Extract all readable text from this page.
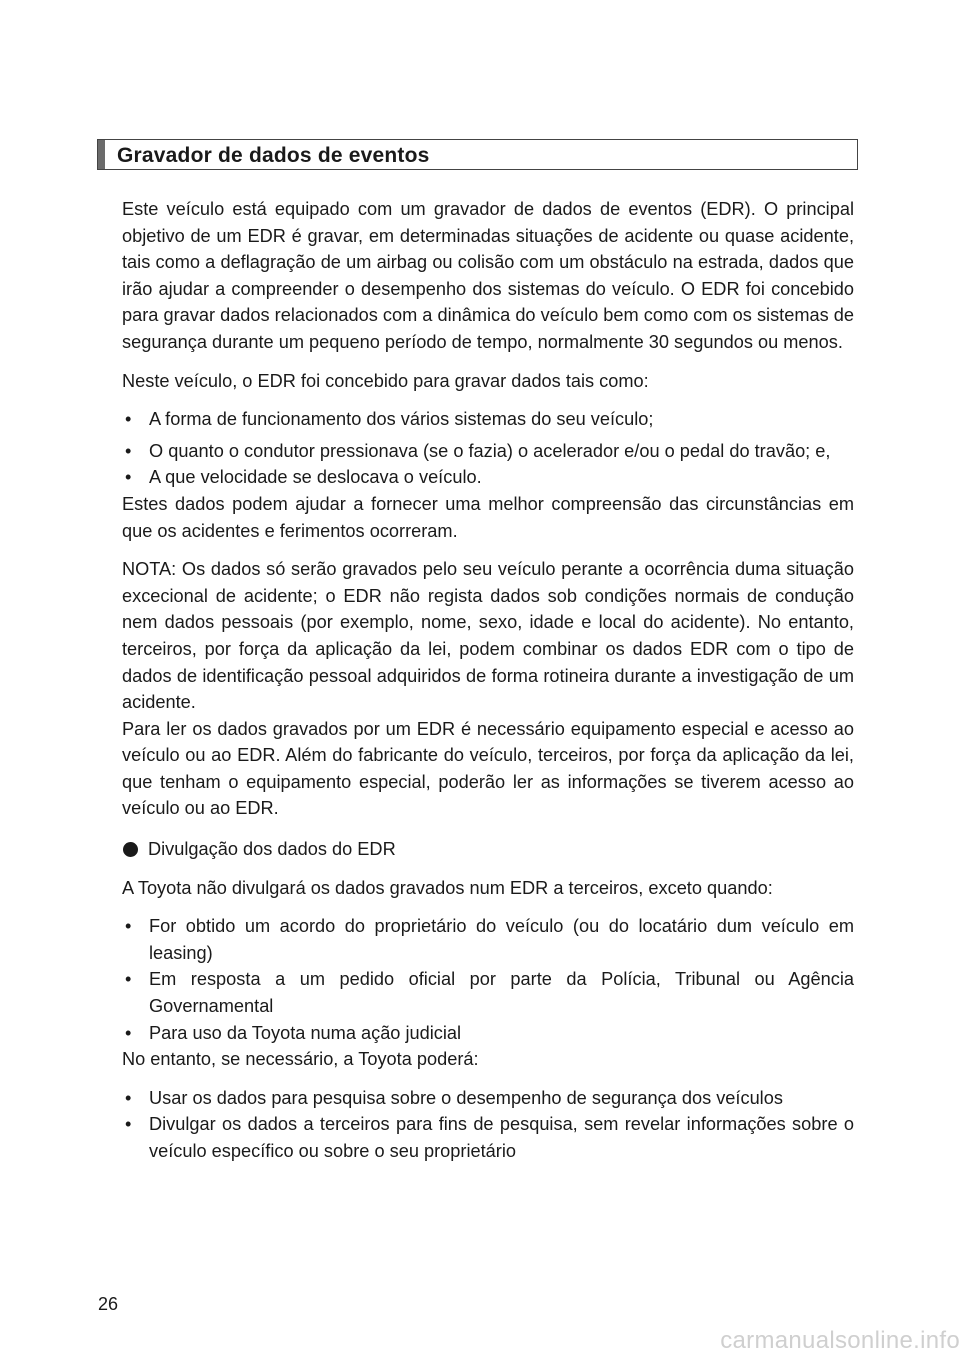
Gravador de dados de eventos

Este veículo está equipado com um gravador de dados de eventos (EDR). O principal objetivo de um EDR é gravar, em determinadas situações de acidente ou quase acidente, tais como a deflagração de um airbag ou colisão com um obstáculo na estrada, dados que irão ajudar a compreender o desempenho dos sistemas do veículo. O EDR foi concebido para gravar dados relacionados com a dinâmica do veículo bem como com os sistemas de segurança durante um pequeno período de tempo, normalmente 30 segundos ou menos.

Neste veículo, o EDR foi concebido para gravar dados tais como:

• A forma de funcionamento dos vários sistemas do seu veículo;
• O quanto o condutor pressionava (se o fazia) o acelerador e/ou o pedal do travão; e,
• A que velocidade se deslocava o veículo.

Estes dados podem ajudar a fornecer uma melhor compreensão das circunstâncias em que os acidentes e ferimentos ocorreram.

NOTA: Os dados só serão gravados pelo seu veículo perante a ocorrência duma situação excecional de acidente; o EDR não regista dados sob condições normais de condução nem dados pessoais (por exemplo, nome, sexo, idade e local do acidente). No entanto, terceiros, por força da aplicação da lei, podem combinar os dados EDR com o tipo de dados de identificação pessoal adquiridos de forma rotineira durante a investigação de um acidente.

Para ler os dados gravados por um EDR é necessário equipamento especial e acesso ao veículo ou ao EDR. Além do fabricante do veículo, terceiros, por força da aplicação da lei, que tenham o equipamento especial, poderão ler as informações se tiverem acesso ao veículo ou ao EDR.

Divulgação dos dados do EDR

A Toyota não divulgará os dados gravados num EDR a terceiros, exceto quando:

• For obtido um acordo do proprietário do veículo (ou do locatário dum veículo em leasing)
• Em resposta a um pedido oficial por parte da Polícia, Tribunal ou Agência Governamental
• Para uso da Toyota numa ação judicial

No entanto, se necessário, a Toyota poderá:

• Usar os dados para pesquisa sobre o desempenho de segurança dos veículos
• Divulgar os dados a terceiros para fins de pesquisa, sem revelar informações sobre o veículo específico ou sobre o seu proprietário
26
carmanualsonline.info
